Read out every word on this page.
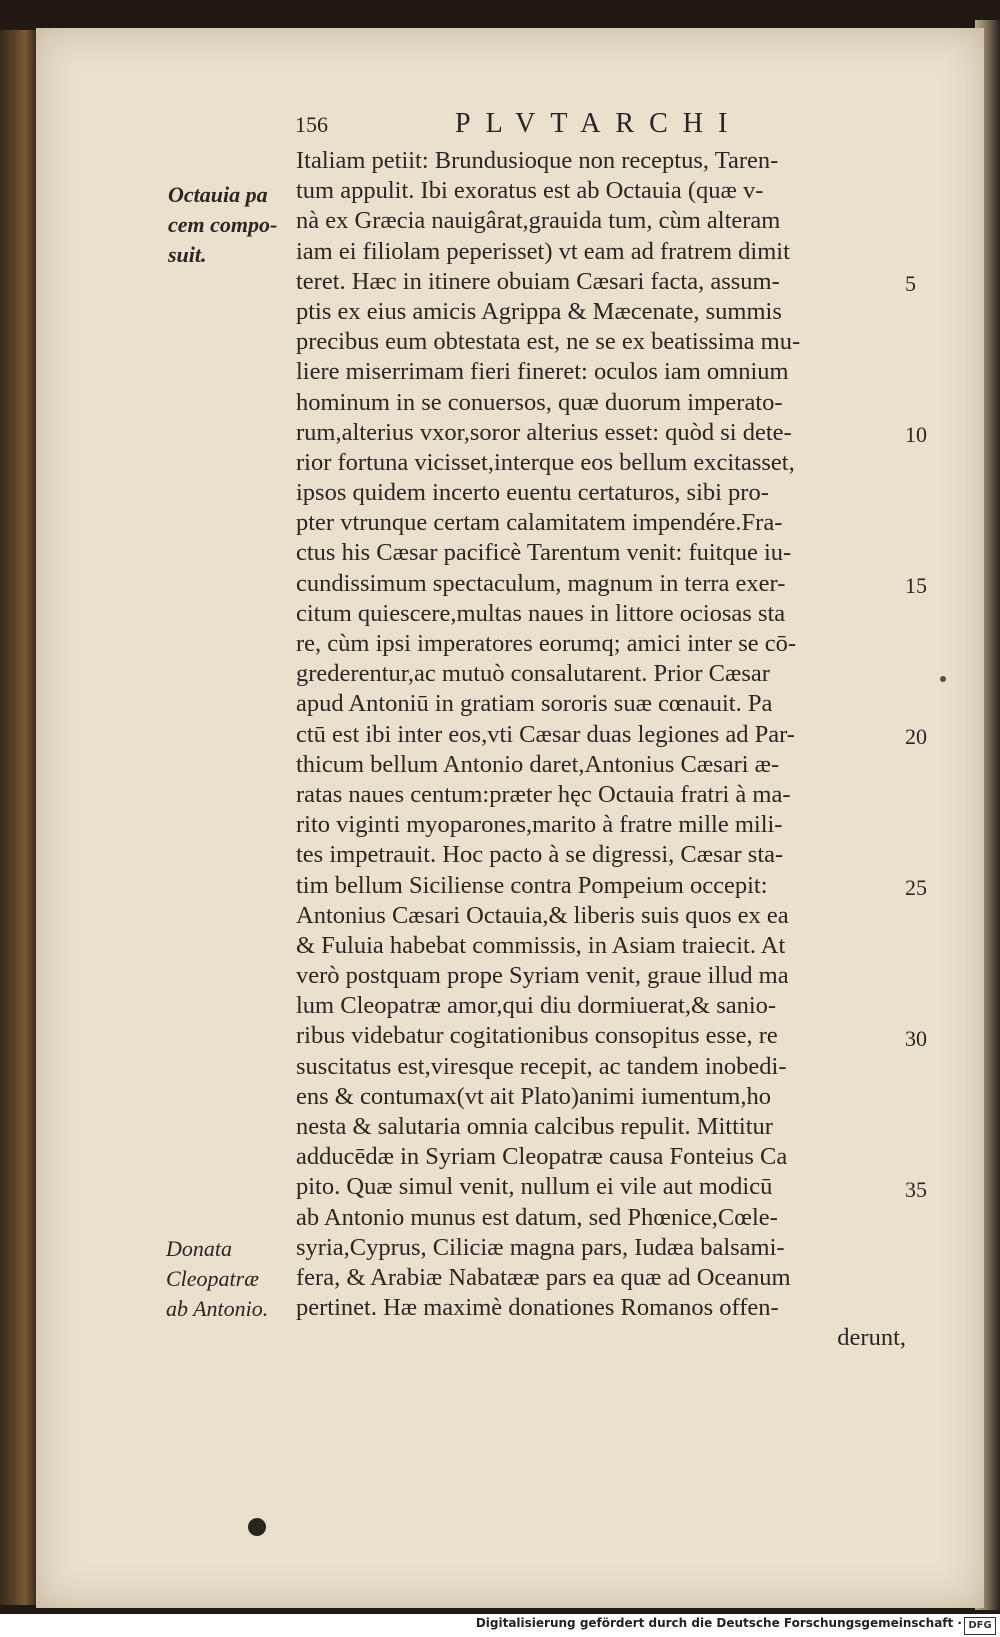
156	PLVTARCHI
Octauia pa
cem compo-
suit.
Donata
Cleopatræ
ab Antonio.
Italiam petiit: Brundusioque non receptus, Taren-
tum appulit. Ibi exoratus est ab Octauia (quæ v-
nà ex Græcia nauigârat,grauida tum, cùm alteram
iam ei filiolam peperisset) vt eam ad fratrem dimit
teret. Hæc in itinere obuiam Cæsari facta, assum-
ptis ex eius amicis Agrippa & Mæcenate, summis
precibus eum obtestata est, ne se ex beatissima mu-
liere miserrimam fieri fineret: oculos iam omnium
hominum in se conuersos, quæ duorum imperato-
rum,alterius vxor,soror alterius esset: quòd si dete-
rior fortuna vicisset,interque eos bellum excitasset,
ipsos quidem incerto euentu certaturos, sibi pro-
pter vtrunque certam calamitatem impendére.Fra-
ctus his Cæsar pacificè Tarentum venit: fuitque iu-
cundissimum spectaculum, magnum in terra exer-
citum quiescere,multas naues in littore ociosas sta
re, cùm ipsi imperatores eorumq; amici inter se cō-
grederentur,ac mutuò consalutarent. Prior Cæsar
apud Antoniū in gratiam sororis suæ cœnauit. Pa
ctū est ibi inter eos,vti Cæsar duas legiones ad Par-
thicum bellum Antonio daret,Antonius Cæsari æ-
ratas naues centum:præter hęc Octauia fratri à ma-
rito viginti myoparones,marito à fratre mille mili-
tes impetrauit. Hoc pacto à se digressi, Cæsar sta-
tim bellum Siciliense contra Pompeium occepit:
Antonius Cæsari Octauia,& liberis suis quos ex ea
& Fuluia habebat commissis, in Asiam traiecit. At
verò postquam prope Syriam venit, graue illud ma
lum Cleopatræ amor,qui diu dormiuerat,& sanio-
ribus videbatur cogitationibus consopitus esse, re
suscitatus est,viresque recepit, ac tandem inobedi-
ens & contumax(vt ait Plato)animi iumentum,ho
nesta & salutaria omnia calcibus repulit. Mittitur
adducēdæ in Syriam Cleopatræ causa Fonteius Ca
pito. Quæ simul venit, nullum ei vile aut modicū
ab Antonio munus est datum, sed Phœnice,Cœle-
syria,Cyprus, Ciliciæ magna pars, Iudæa balsami-
fera, & Arabiæ Nabatææ pars ea quæ ad Oceanum
pertinet. Hæ maximè donationes Romanos offen-
derunt,
5
10
15
20
25
30
35
Digitalisierung gefördert durch die Deutsche Forschungsgemeinschaft · DFG
